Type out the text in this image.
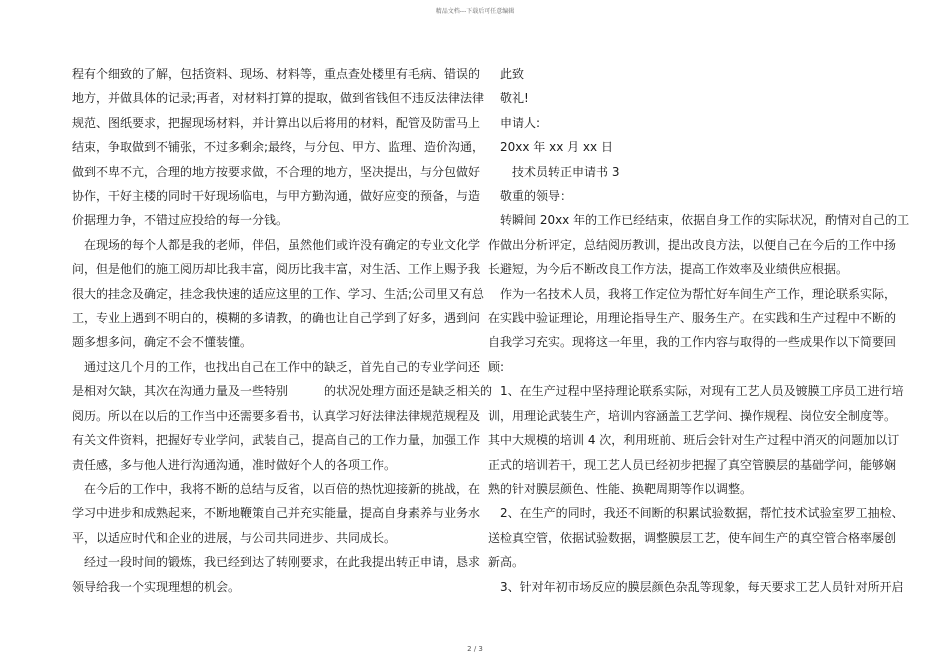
精品文档---下载后可任意编辑

程有个细致的了解，包括资料、现场、材料等，重点查处楼里有毛病、错误的

地方，并做具体的记录;再者，对材料打算的提取，做到省钱但不违反法律法律

规范、图纸要求，把握现场材料，并计算出以后将用的材料，配管及防雷马上

结束，争取做到不铺张，不过多剩余;最终，与分包、甲方、监理、造价沟通，

做到不卑不亢，合理的地方按要求做，不合理的地方，坚决提出，与分包做好

协作，干好主楼的同时干好现场临电，与甲方勤沟通，做好应变的预备，与造

价据理力争，不错过应投给的每一分钱。

　在现场的每个人都是我的老师，伴侣，虽然他们或许没有确定的专业文化学

问，但是他们的施工阅历却比我丰富，阅历比我丰富，对生活、工作上赐予我

很大的挂念及确定，挂念我快速的适应这里的工作、学习、生活;公司里又有总

工，专业上遇到不明白的，模糊的多请教，的确也让自己学到了好多，遇到问

题多想多问，确定不会不懂装懂。

　通过这几个月的工作，也找出自己在工作中的缺乏，首先自己的专业学问还

是相对欠缺，其次在沟通力量及一些特别　　　的状况处理方面还是缺乏相关的

阅历。所以在以后的工作当中还需要多看书，认真学习好法律法律规范规程及

有关文件资料，把握好专业学问，武装自己，提高自己的工作力量，加强工作

责任感，多与他人进行沟通沟通，准时做好个人的各项工作。

　在今后的工作中，我将不断的总结与反省，以百倍的热忱迎接新的挑战，在

学习中进步和成熟起来，不断地鞭策自己并充实能量，提高自身素养与业务水

平，以适应时代和企业的进展，与公司共同进步、共同成长。

　经过一段时间的锻炼，我已经到达了转刚要求，在此我提出转正申请，恳求

领导给我一个实现理想的机会。

　此致

　敬礼!

　申请人:

　20xx 年 xx 月 xx 日

　　技术员转正申请书 3

　敬重的领导：

　转瞬间 20xx 年的工作已经结束，依据自身工作的实际状况，酌情对自己的工

作做出分析评定，总结阅历教训，提出改良方法，以便自己在今后的工作中扬

长避短，为今后不断改良工作方法，提高工作效率及业绩供应根据。

　作为一名技术人员，我将工作定位为帮忙好车间生产工作，理论联系实际，

在实践中验证理论，用理论指导生产、服务生产。在实践和生产过程中不断的

自我学习充实。现将这一年里，我的工作内容与取得的一些成果作以下简要回

顾:

　1、在生产过程中坚持理论联系实际，对现有工艺人员及镀膜工序员工进行培

训，用理论武装生产，培训内容涵盖工艺学问、操作规程、岗位安全制度等。

其中大规模的培训 4 次，利用班前、班后会针对生产过程中消灭的问题加以订

正式的培训若干，现工艺人员已经初步把握了真空管膜层的基础学问，能够娴

熟的针对膜层颜色、性能、换靶周期等作以调整。

　2、在生产的同时，我还不间断的积累试验数据，帮忙技术试验室罗工抽检、

送检真空管，依据试验数据，调整膜层工艺，使车间生产的真空管合格率屡创

新高。

　3、针对年初市场反应的膜层颜色杂乱等现象，每天要求工艺人员针对所开启

2 / 3
